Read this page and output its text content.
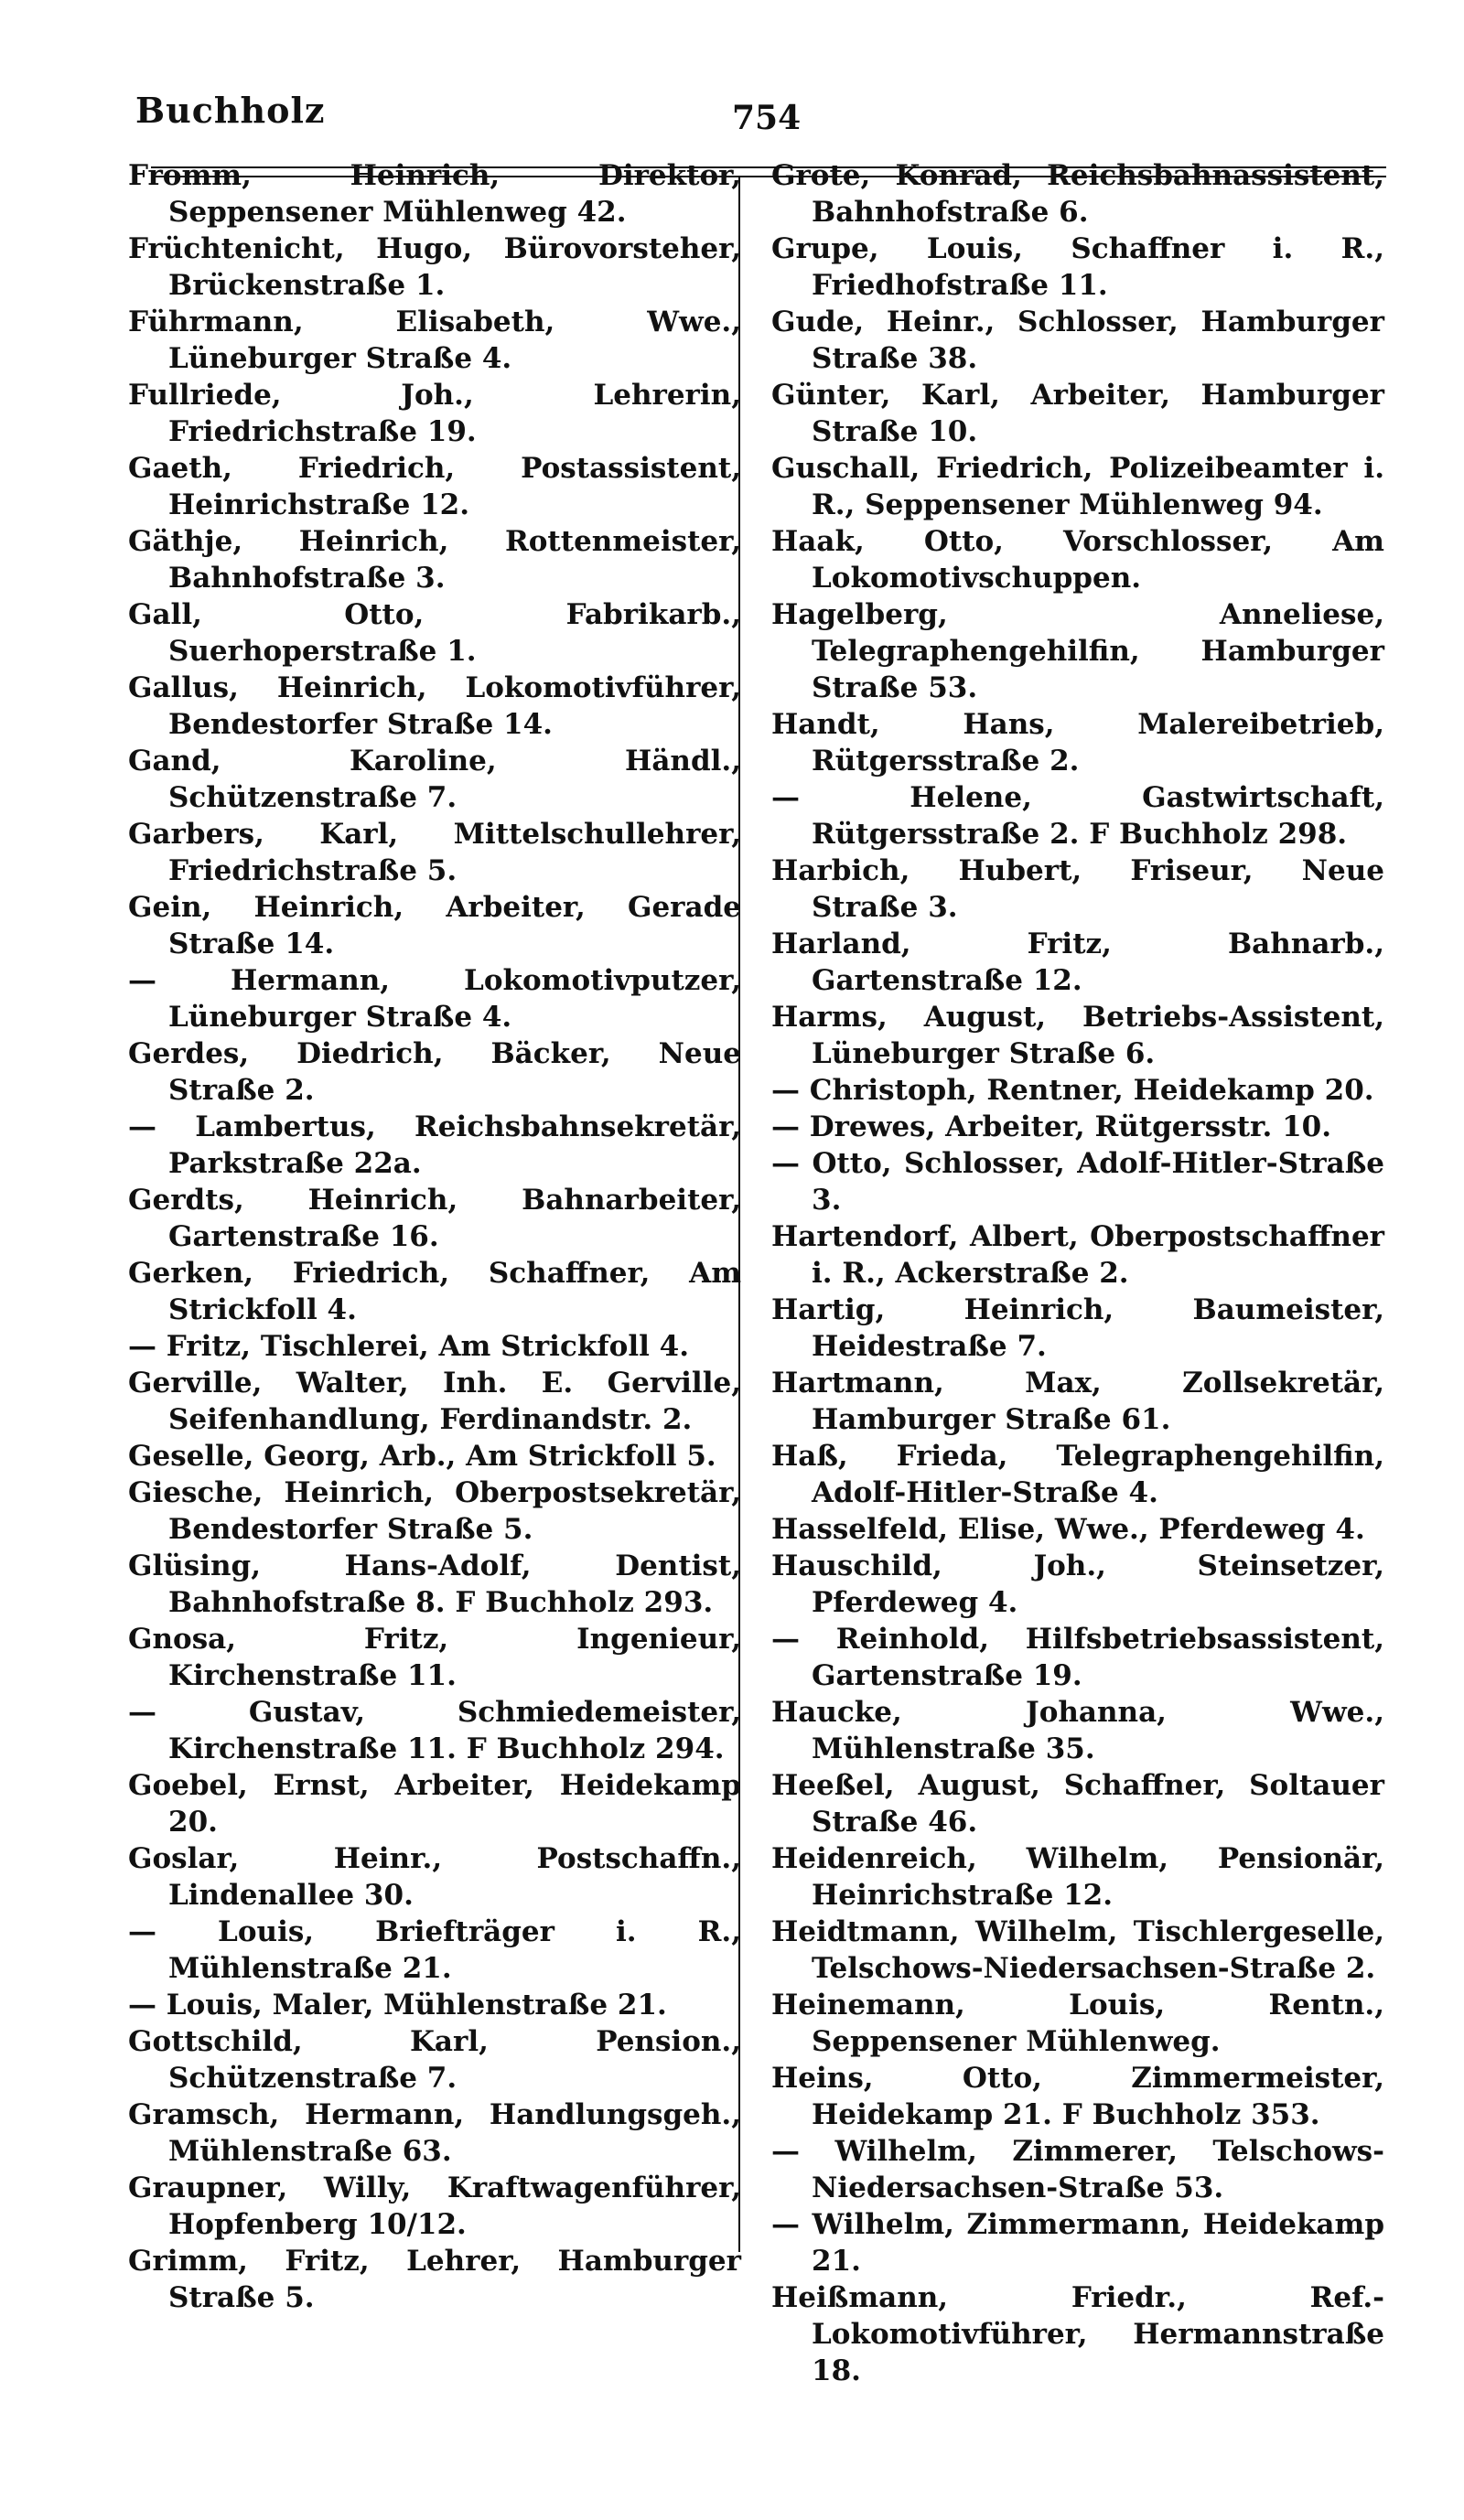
Buchholz	754
Fromm, Heinrich, Direktor, Seppensener Mühlenweg 42.
Früchtenicht, Hugo, Bürovorsteher, Brückenstraße 1.
Führmann, Elisabeth, Wwe., Lüneburger Straße 4.
Fullriede, Joh., Lehrerin, Friedrichstraße 19.
Gaeth, Friedrich, Postassistent, Heinrichstraße 12.
Gäthje, Heinrich, Rottenmeister, Bahnhofstraße 3.
Gall, Otto, Fabrikarb., Suerhoperstraße 1.
Gallus, Heinrich, Lokomotivführer, Bendestorfer Straße 14.
Gand, Karoline, Händl., Schützenstraße 7.
Garbers, Karl, Mittelschullehrer, Friedrichstraße 5.
Gein, Heinrich, Arbeiter, Gerade Straße 14.
— Hermann, Lokomotivputzer, Lüneburger Straße 4.
Gerdes, Diedrich, Bäcker, Neue Straße 2.
— Lambertus, Reichsbahnsekretär, Parkstraße 22a.
Gerdts, Heinrich, Bahnarbeiter, Gartenstraße 16.
Gerken, Friedrich, Schaffner, Am Strickfoll 4.
— Fritz, Tischlerei, Am Strickfoll 4.
Gerville, Walter, Inh. E. Gerville, Seifenhandlung, Ferdinandstr. 2.
Geselle, Georg, Arb., Am Strickfoll 5.
Giesche, Heinrich, Oberpostsekretär, Bendestorfer Straße 5.
Glüsing, Hans-Adolf, Dentist, Bahnhofstraße 8. F Buchholz 293.
Gnosa, Fritz, Ingenieur, Kirchenstraße 11.
— Gustav, Schmiedemeister, Kirchenstraße 11. F Buchholz 294.
Goebel, Ernst, Arbeiter, Heidekamp 20.
Goslar, Heinr., Postschaffn., Lindenallee 30.
— Louis, Briefträger i. R., Mühlenstraße 21.
— Louis, Maler, Mühlenstraße 21.
Gottschild, Karl, Pension., Schützenstraße 7.
Gramsch, Hermann, Handlungsgeh., Mühlenstraße 63.
Graupner, Willy, Kraftwagenführer, Hopfenberg 10/12.
Grimm, Fritz, Lehrer, Hamburger Straße 5.
Grote, Konrad, Reichsbahnassistent, Bahnhofstraße 6.
Grupe, Louis, Schaffner i. R., Friedhofstraße 11.
Gude, Heinr., Schlosser, Hamburger Straße 38.
Günter, Karl, Arbeiter, Hamburger Straße 10.
Guschall, Friedrich, Polizeibeamter i. R., Seppensener Mühlenweg 94.
Haak, Otto, Vorschlosser, Am Lokomotivschuppen.
Hagelberg, Anneliese, Telegraphengehilfin, Hamburger Straße 53.
Handt, Hans, Malereibetrieb, Rütgersstraße 2.
— Helene, Gastwirtschaft, Rütgersstraße 2. F Buchholz 298.
Harbich, Hubert, Friseur, Neue Straße 3.
Harland, Fritz, Bahnarb., Gartenstraße 12.
Harms, August, Betriebs-Assistent, Lüneburger Straße 6.
— Christoph, Rentner, Heidekamp 20.
— Drewes, Arbeiter, Rütgersstr. 10.
— Otto, Schlosser, Adolf-Hitler-Straße 3.
Hartendorf, Albert, Oberpostschaffner i. R., Ackerstraße 2.
Hartig, Heinrich, Baumeister, Heidestraße 7.
Hartmann, Max, Zollsekretär, Hamburger Straße 61.
Haß, Frieda, Telegraphengehilfin, Adolf-Hitler-Straße 4.
Hasselfeld, Elise, Wwe., Pferdeweg 4.
Hauschild, Joh., Steinsetzer, Pferdeweg 4.
— Reinhold, Hilfsbetriebsassistent, Gartenstraße 19.
Haucke, Johanna, Wwe., Mühlenstraße 35.
Heeßel, August, Schaffner, Soltauer Straße 46.
Heidenreich, Wilhelm, Pensionär, Heinrichstraße 12.
Heidtmann, Wilhelm, Tischlergeselle, Telschows-Niedersachsen-Straße 2.
Heinemann, Louis, Rentn., Seppensener Mühlenweg.
Heins, Otto, Zimmermeister, Heidekamp 21. F Buchholz 353.
— Wilhelm, Zimmerer, Telschows-Niedersachsen-Straße 53.
— Wilhelm, Zimmermann, Heidekamp 21.
Heißmann, Friedr., Ref.-Lokomotivführer, Hermannstraße 18.
